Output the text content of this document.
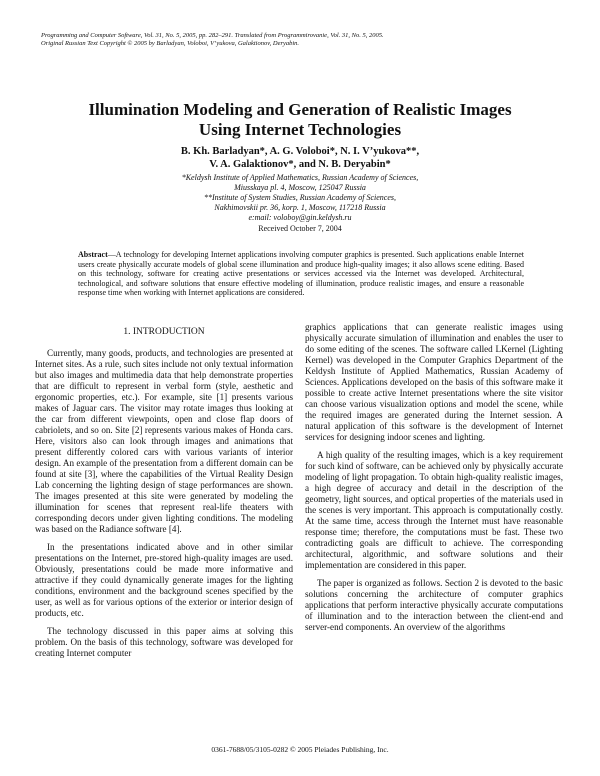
Programming and Computer Software, Vol. 31, No. 5, 2005, pp. 282–291. Translated from Programmirovanie, Vol. 31, No. 5, 2005.
Original Russian Text Copyright © 2005 by Barladyan, Voloboi, V’yukova, Galaktionov, Deryabin.
Illumination Modeling and Generation of Realistic Images
Using Internet Technologies
B. Kh. Barladyan*, A. G. Voloboi*, N. I. V’yukova**,
V. A. Galaktionov*, and N. B. Deryabin*
*Keldysh Institute of Applied Mathematics, Russian Academy of Sciences,
Miusskaya pl. 4, Moscow, 125047 Russia
**Institute of System Studies, Russian Academy of Sciences,
Nakhimovskii pr. 36, korp. 1, Moscow, 117218 Russia
e:mail: voloboy@gin.keldysh.ru
Received October 7, 2004
Abstract—A technology for developing Internet applications involving computer graphics is presented. Such applications enable Internet users create physically accurate models of global scene illumination and produce high-quality images; it also allows scene editing. Based on this technology, software for creating active presentations or services accessed via the Internet was developed. Architectural, technological, and software solutions that ensure effective modeling of illumination, produce realistic images, and ensure a reasonable response time when working with Internet applications are considered.
1. INTRODUCTION

Currently, many goods, products, and technologies are presented at Internet sites. As a rule, such sites include not only textual information but also images and multimedia data that help demonstrate properties that are difficult to represent in verbal form (style, aesthetic and ergonomic properties, etc.). For example, site [1] presents various makes of Jaguar cars. The visitor may rotate images thus looking at the car from different viewpoints, open and close flap doors of cabriolets, and so on. Site [2] represents various makes of Honda cars. Here, visitors also can look through images and animations that present differently colored cars with various variants of interior design. An example of the presentation from a different domain can be found at site [3], where the capabilities of the Virtual Reality Design Lab concerning the lighting design of stage performances are shown. The images presented at this site were generated by modeling the illumination for scenes that represent real-life theaters with corresponding decors under given lighting conditions. The modeling was based on the Radiance software [4].

In the presentations indicated above and in other similar presentations on the Internet, pre-stored high-quality images are used. Obviously, presentations could be made more informative and attractive if they could dynamically generate images for the lighting conditions, environment and the background scenes specified by the user, as well as for various options of the exterior or interior design of products, etc.

The technology discussed in this paper aims at solving this problem. On the basis of this technology, software was developed for creating Internet computer

graphics applications that can generate realistic images using physically accurate simulation of illumination and enables the user to do some editing of the scenes. The software called LKernel (Lighting Kernel) was developed in the Computer Graphics Department of the Keldysh Institute of Applied Mathematics, Russian Academy of Sciences. Applications developed on the basis of this software make it possible to create active Internet presentations where the site visitor can choose various visualization options and model the scene, while the required images are generated during the Internet session. A natural application of this software is the development of Internet services for designing indoor scenes and lighting.

A high quality of the resulting images, which is a key requirement for such kind of software, can be achieved only by physically accurate modeling of light propagation. To obtain high-quality realistic images, a high degree of accuracy and detail in the description of the geometry, light sources, and optical properties of the materials used in the scenes is very important. This approach is computationally costly. At the same time, access through the Internet must have reasonable response time; therefore, the computations must be fast. These two contradicting goals are difficult to achieve. The corresponding architectural, algorithmic, and software solutions and their implementation are considered in this paper.

The paper is organized as follows. Section 2 is devoted to the basic solutions concerning the architecture of computer graphics applications that perform interactive physically accurate computations of illumination and to the interaction between the client-end and server-end components. An overview of the algorithms

0361-7688/05/3105-0282 © 2005 Pleiades Publishing, Inc.
